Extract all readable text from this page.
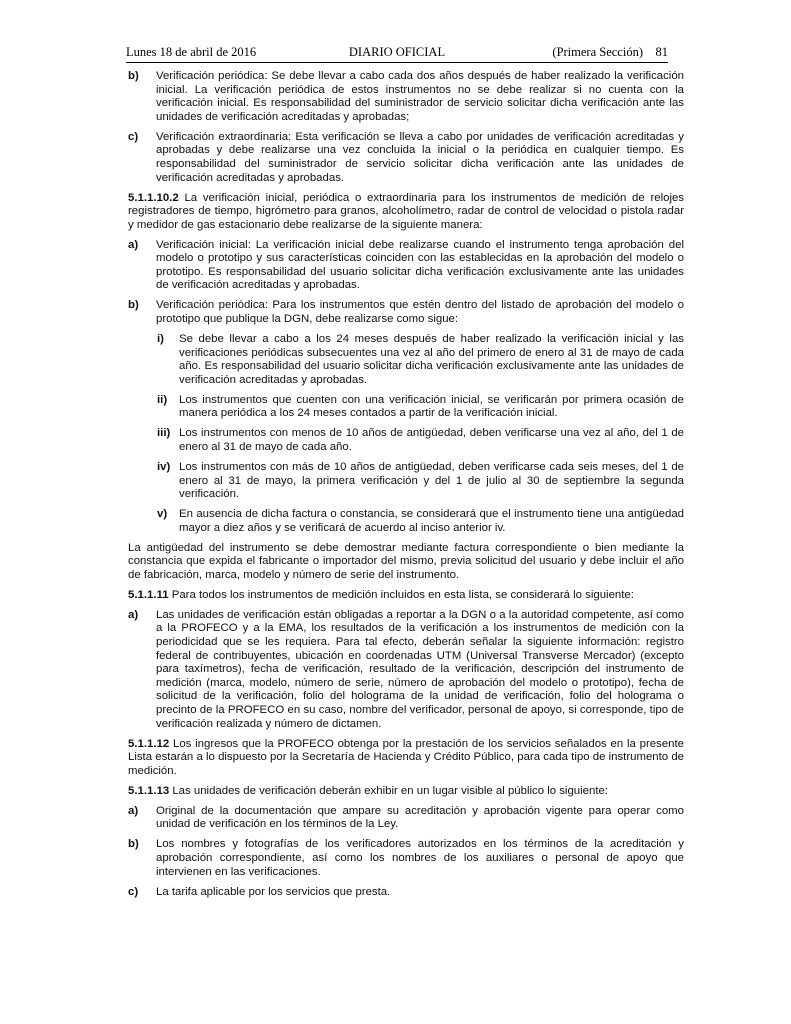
Lunes 18 de abril de 2016	DIARIO OFICIAL	(Primera Sección) 81
b)	Verificación periódica: Se debe llevar a cabo cada dos años después de haber realizado la verificación inicial. La verificación periódica de estos instrumentos no se debe realizar si no cuenta con la verificación inicial. Es responsabilidad del suministrador de servicio solicitar dicha verificación ante las unidades de verificación acreditadas y aprobadas;
c)	Verificación extraordinaria: Esta verificación se lleva a cabo por unidades de verificación acreditadas y aprobadas y debe realizarse una vez concluida la inicial o la periódica en cualquier tiempo. Es responsabilidad del suministrador de servicio solicitar dicha verificación ante las unidades de verificación acreditadas y aprobadas.

5.1.1.10.2 La verificación inicial, periódica o extraordinaria para los instrumentos de medición de relojes registradores de tiempo, higrómetro para granos, alcoholímetro, radar de control de velocidad o pistola radar y medidor de gas estacionario debe realizarse de la siguiente manera:

a)	Verificación inicial: La verificación inicial debe realizarse cuando el instrumento tenga aprobación del modelo o prototipo y sus características coinciden con las establecidas en la aprobación del modelo o prototipo. Es responsabilidad del usuario solicitar dicha verificación exclusivamente ante las unidades de verificación acreditadas y aprobadas.
b)	Verificación periódica: Para los instrumentos que estén dentro del listado de aprobación del modelo o prototipo que publique la DGN, debe realizarse como sigue:
i)	Se debe llevar a cabo a los 24 meses después de haber realizado la verificación inicial y las verificaciones periódicas subsecuentes una vez al año del primero de enero al 31 de mayo de cada año. Es responsabilidad del usuario solicitar dicha verificación exclusivamente ante las unidades de verificación acreditadas y aprobadas.
ii)	Los instrumentos que cuenten con una verificación inicial, se verificarán por primera ocasión de manera periódica a los 24 meses contados a partir de la verificación inicial.
iii) Los instrumentos con menos de 10 años de antigüedad, deben verificarse una vez al año, del 1 de enero al 31 de mayo de cada año.
iv) Los instrumentos con más de 10 años de antigüedad, deben verificarse cada seis meses, del 1 de enero al 31 de mayo, la primera verificación y del 1 de julio al 30 de septiembre la segunda verificación.
v)	En ausencia de dicha factura o constancia, se considerará que el instrumento tiene una antigüedad mayor a diez años y se verificará de acuerdo al inciso anterior iv.

La antigüedad del instrumento se debe demostrar mediante factura correspondiente o bien mediante la constancia que expida el fabricante o importador del mismo, previa solicitud del usuario y debe incluir el año de fabricación, marca, modelo y número de serie del instrumento.

5.1.1.11 Para todos los instrumentos de medición incluidos en esta lista, se considerará lo siguiente:

a)	Las unidades de verificación están obligadas a reportar a la DGN o a la autoridad competente, así como a la PROFECO y a la EMA, los resultados de la verificación a los instrumentos de medición con la periodicidad que se les requiera. Para tal efecto, deberán señalar la siguiente información: registro federal de contribuyentes, ubicación en coordenadas UTM (Universal Transverse Mercador) (excepto para taxímetros), fecha de verificación, resultado de la verificación, descripción del instrumento de medición (marca, modelo, número de serie, número de aprobación del modelo o prototipo), fecha de solicitud de la verificación, folio del holograma de la unidad de verificación, folio del holograma o precinto de la PROFECO en su caso, nombre del verificador, personal de apoyo, si corresponde, tipo de verificación realizada y número de dictamen.

5.1.1.12 Los ingresos que la PROFECO obtenga por la prestación de los servicios señalados en la presente Lista estarán a lo dispuesto por la Secretaría de Hacienda y Crédito Público, para cada tipo de instrumento de medición.

5.1.1.13 Las unidades de verificación deberán exhibir en un lugar visible al público lo siguiente:

a)	Original de la documentación que ampare su acreditación y aprobación vigente para operar como unidad de verificación en los términos de la Ley.
b)	Los nombres y fotografías de los verificadores autorizados en los términos de la acreditación y aprobación correspondiente, así como los nombres de los auxiliares o personal de apoyo que intervienen en las verificaciones.
c)	La tarifa aplicable por los servicios que presta.
